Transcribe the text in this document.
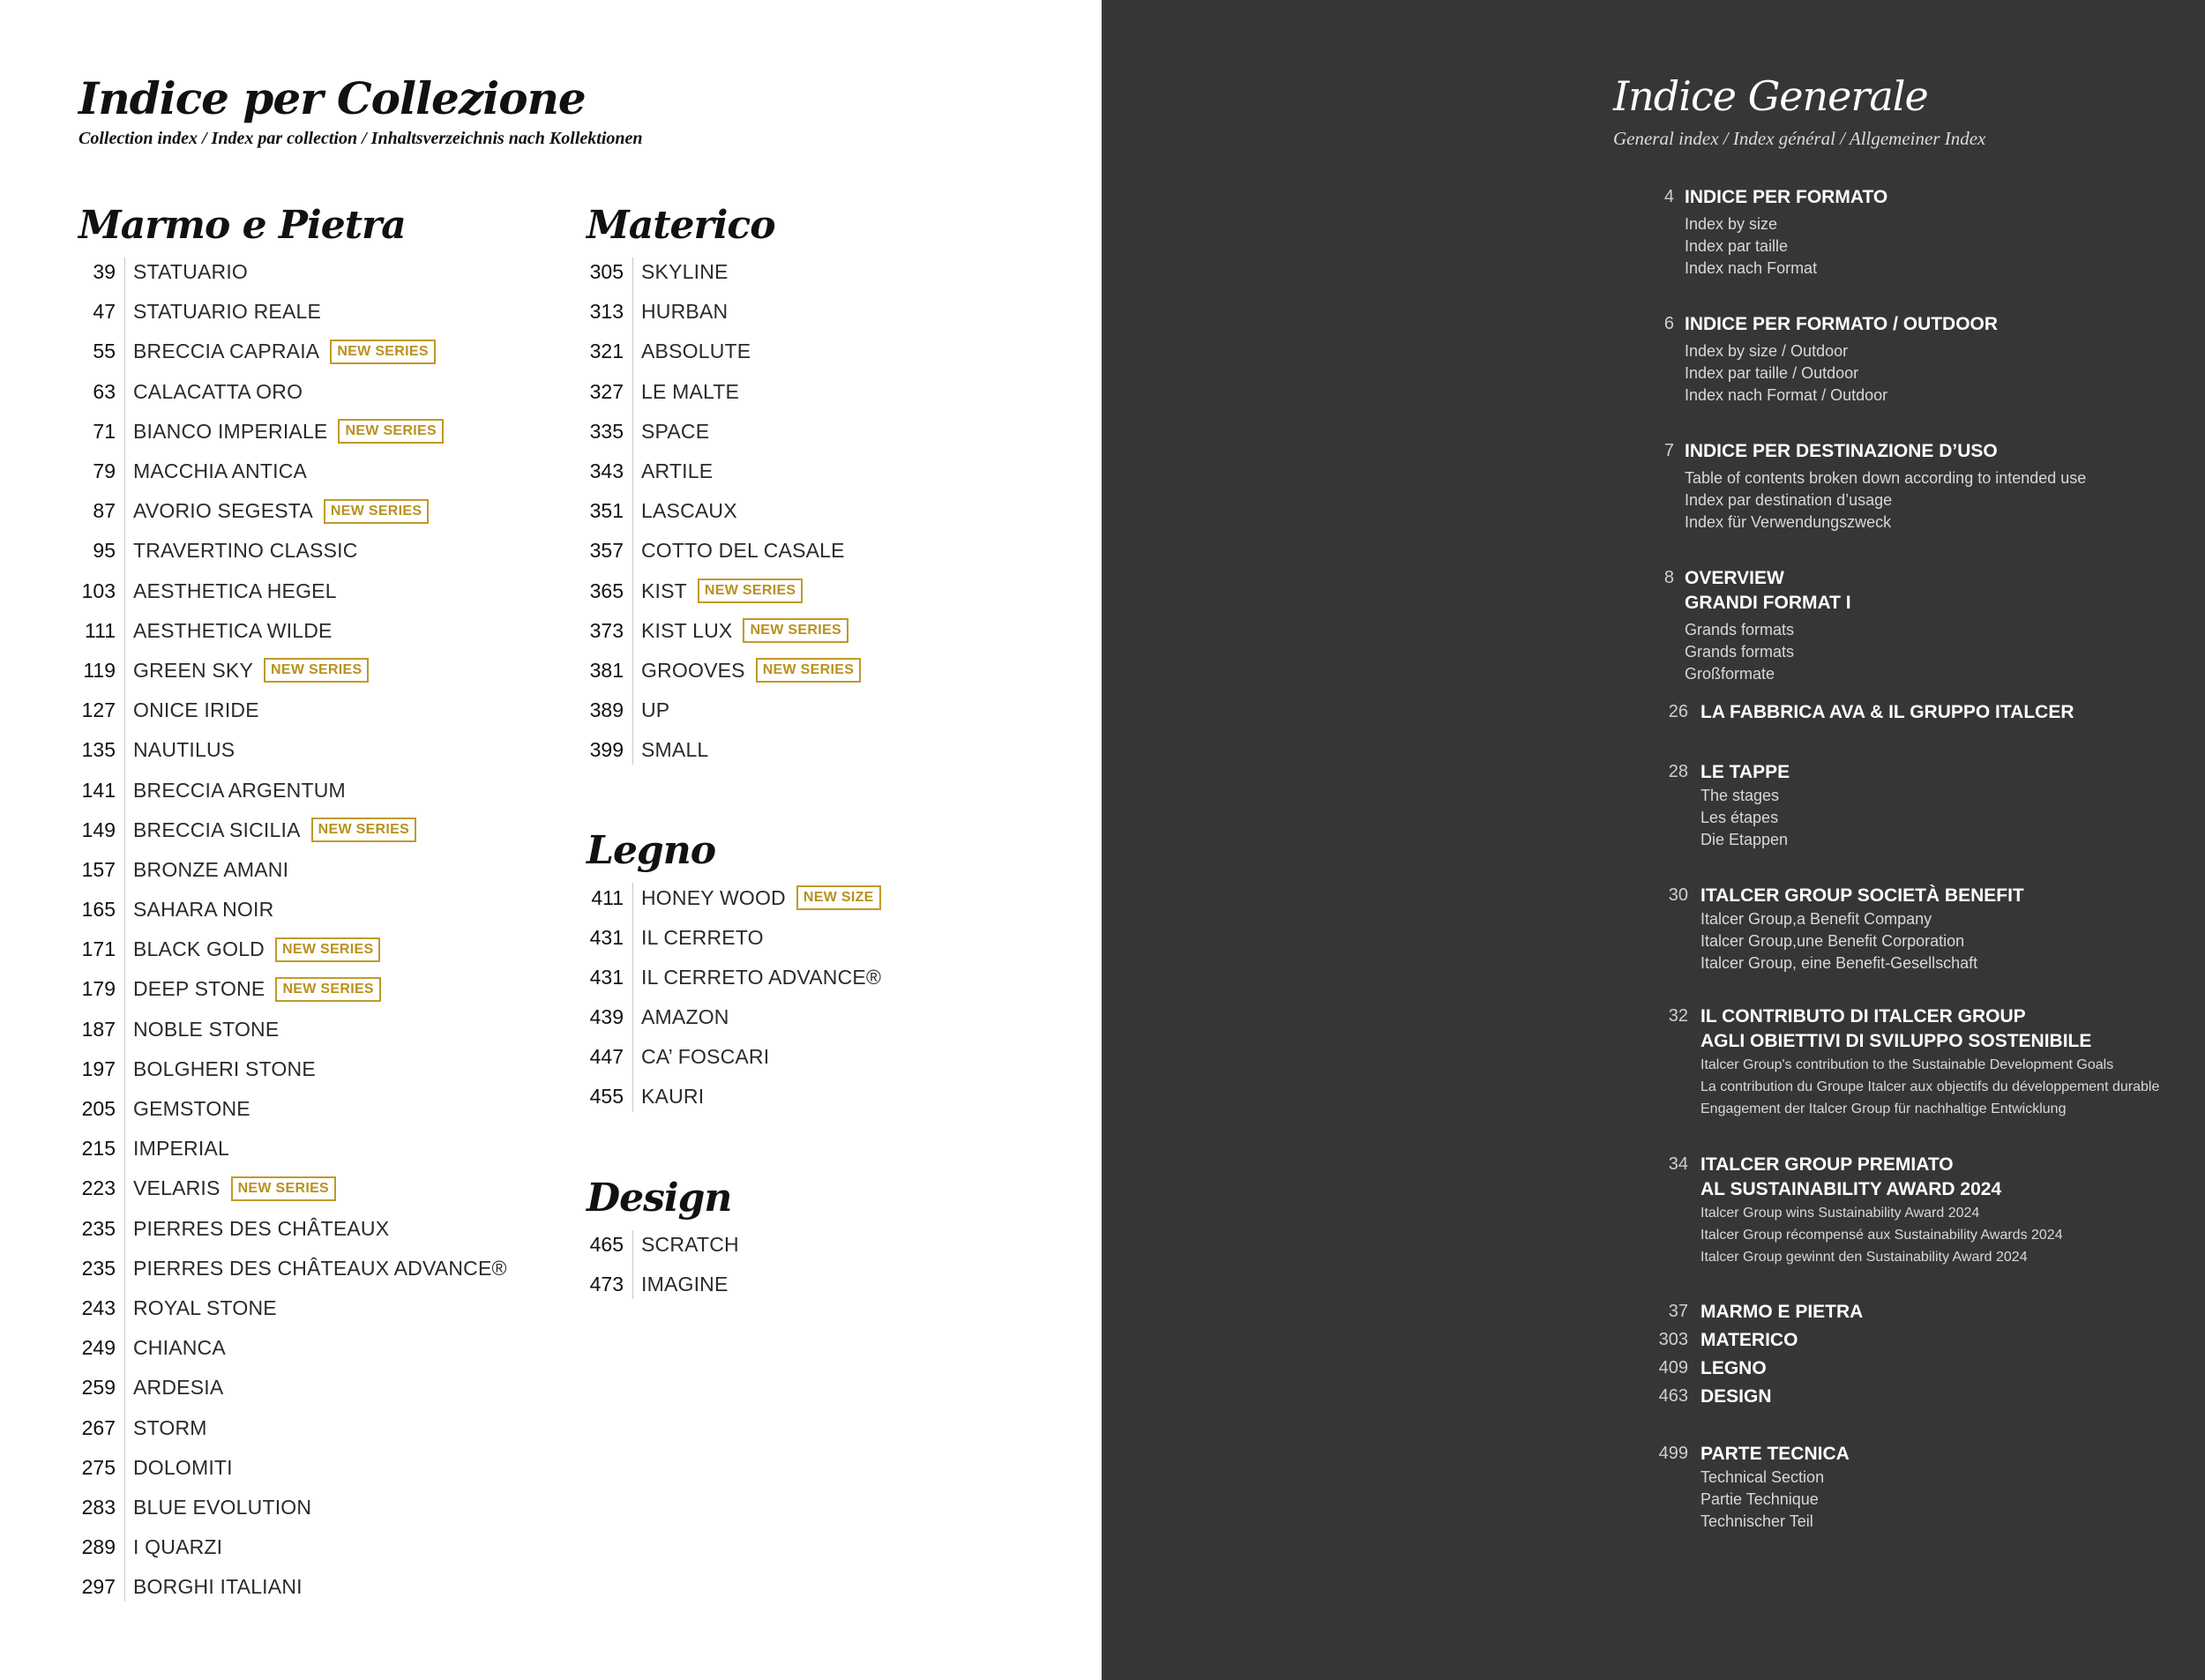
Indice per Collezione
Collection index / Index par collection / Inhaltsverzeichnis nach Kollektionen
Marmo e Pietra
39 STATUARIO
47 STATUARIO REALE
55 BRECCIA CAPRAIA	NEW SERIES
63 CALACATTA ORO
71 BIANCO IMPERIALE	NEW SERIES
79 MACCHIA ANTICA
87 AVORIO SEGESTA	NEW SERIES
95 TRAVERTINO CLASSIC
103 AESTHETICA HEGEL
111 AESTHETICA WILDE
119 GREEN SKY	NEW SERIES
127 ONICE IRIDE
135 NAUTILUS
141 BRECCIA ARGENTUM
149 BRECCIA SICILIA	NEW SERIES
157 BRONZE AMANI
165 SAHARA NOIR
171 BLACK GOLD	NEW SERIES
179 DEEP STONE	NEW SERIES
187 NOBLE STONE
197 BOLGHERI STONE
205 GEMSTONE
215 IMPERIAL
223 VELARIS	NEW SERIES
235 PIERRES DES CHÂTEAUX
235 PIERRES DES CHÂTEAUX ADVANCE®
243 ROYAL STONE
249 CHIANCA
259 ARDESIA
267 STORM
275 DOLOMITI
283 BLUE EVOLUTION
289 I QUARZI
297 BORGHI ITALIANI
Materico
305 SKYLINE
313 HURBAN
321 ABSOLUTE
327 LE MALTE
335 SPACE
343 ARTILE
351 LASCAUX
357 COTTO DEL CASALE
365 KIST	NEW SERIES
373 KIST LUX	NEW SERIES
381 GROOVES	NEW SERIES
389 UP
399 SMALL
Legno
411 HONEY WOOD	NEW SIZE
431 IL CERRETO
431 IL CERRETO ADVANCE®
439 AMAZON
447 CA’ FOSCARI
455 KAURI
Design
465 SCRATCH
473 IMAGINE
Indice Generale
General index / Index général / Allgemeiner Index
4 INDICE PER FORMATO
Index by size
Index par taille
Index nach Format
6 INDICE PER FORMATO / OUTDOOR
Index by size / Outdoor
Index par taille / Outdoor
Index nach Format / Outdoor
7 INDICE PER DESTINAZIONE D’USO
Table of contents broken down according to intended use
Index par destination d’usage
Index für Verwendungszweck
8 OVERVIEW
GRANDI FORMAT I
Grands formats
Grands formats
Großformate
26 LA FABBRICA AVA & IL GRUPPO ITALCER
28 LE TAPPE
The stages
Les étapes
Die Etappen
30 ITALCER GROUP SOCIETÀ BENEFIT
Italcer Group,a Benefit Company
Italcer Group,une Benefit Corporation
Italcer Group, eine Benefit-Gesellschaft
32 IL CONTRIBUTO DI ITALCER GROUP
AGLI OBIETTIVI DI SVILUPPO SOSTENIBILE
Italcer Group's contribution to the Sustainable Development Goals
La contribution du Groupe Italcer aux objectifs du développement durable
Engagement der Italcer Group für nachhaltige Entwicklung
34 ITALCER GROUP PREMIATO
AL SUSTAINABILITY AWARD 2024
Italcer Group wins Sustainability Award 2024
Italcer Group récompensé aux Sustainability Awards 2024
Italcer Group gewinnt den Sustainability Award 2024
37 MARMO E PIETRA
303 MATERICO
409 LEGNO
463 DESIGN
499 PARTE TECNICA
Technical Section
Partie Technique
Technischer Teil
